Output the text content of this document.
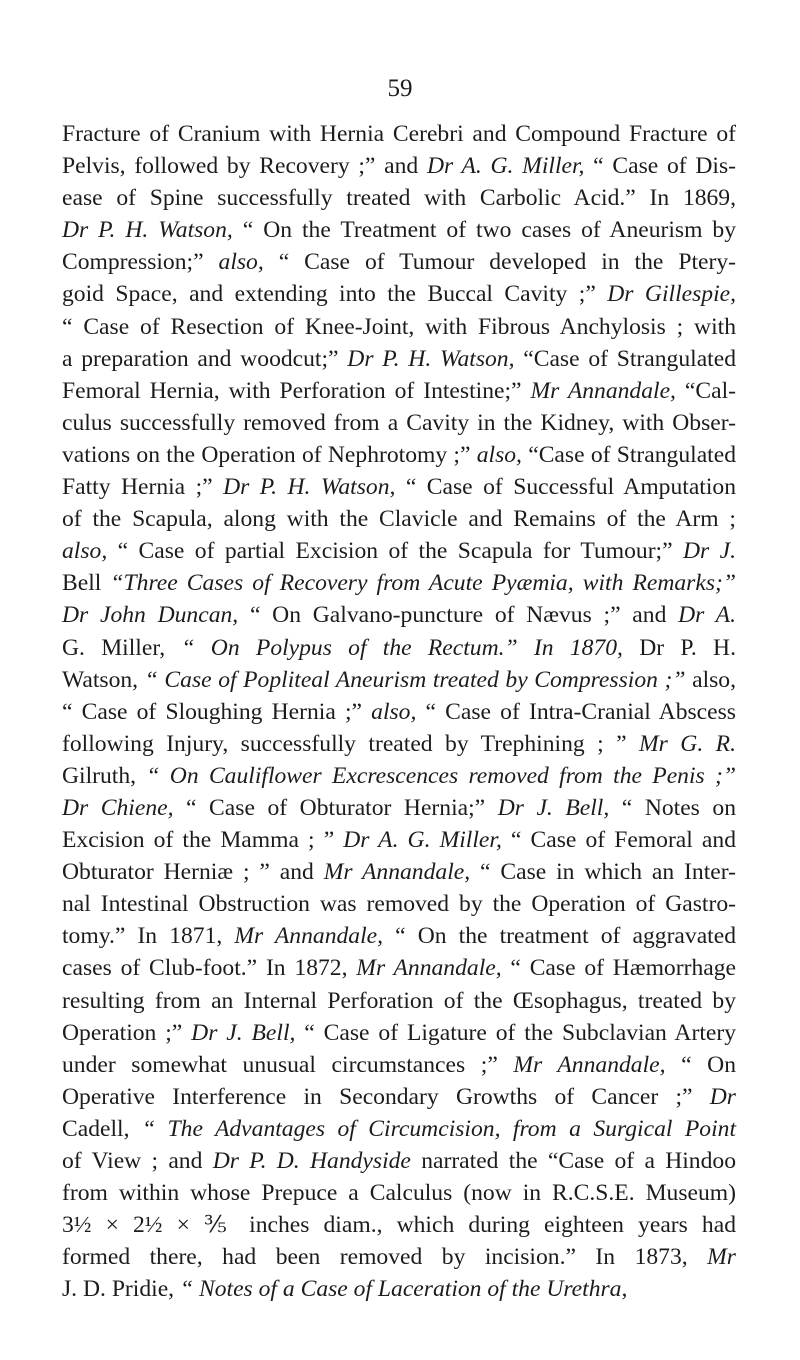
59
Fracture of Cranium with Hernia Cerebri and Compound Fracture of
Pelvis, followed by Recovery ;” and Dr A. G. Miller, “ Case of Dis-
ease of Spine successfully treated with Carbolic Acid.” In 1869,
Dr P. H. Watson, “ On the Treatment of two cases of Aneurism by
Compression;” also, “ Case of Tumour developed in the Ptery-
goid Space, and extending into the Buccal Cavity ;” Dr Gillespie,
“ Case of Resection of Knee-Joint, with Fibrous Anchylosis ; with
a preparation and woodcut;” Dr P. H. Watson, “Case of Strangulated
Femoral Hernia, with Perforation of Intestine;” Mr Annandale, “Cal-
culus successfully removed from a Cavity in the Kidney, with Obser-
vations on the Operation of Nephrotomy ;” also, “Case of Strangulated
Fatty Hernia ;” Dr P. H. Watson, “ Case of Successful Amputation
of the Scapula, along with the Clavicle and Remains of the Arm ;
also, “ Case of partial Excision of the Scapula for Tumour;” Dr J.
Bell “Three Cases of Recovery from Acute Pyæmia, with Remarks;”
Dr John Duncan, “ On Galvano-puncture of Nævus ;” and Dr A.
G. Miller, “ On Polypus of the Rectum.” In 1870, Dr P. H.
Watson, “ Case of Popliteal Aneurism treated by Compression ;” also,
“ Case of Sloughing Hernia ;” also, “ Case of Intra-Cranial Abscess
following Injury, successfully treated by Trephining ; ” Mr G. R.
Gilruth, “ On Cauliflower Excrescences removed from the Penis ;”
Dr Chiene, “ Case of Obturator Hernia;” Dr J. Bell, “ Notes on
Excision of the Mamma ; ” Dr A. G. Miller, “ Case of Femoral and
Obturator Herniæ ; ” and Mr Annandale, “ Case in which an Inter-
nal Intestinal Obstruction was removed by the Operation of Gastro-
tomy.” In 1871, Mr Annandale, “ On the treatment of aggravated
cases of Club-foot.” In 1872, Mr Annandale, “ Case of Hæmorrhage
resulting from an Internal Perforation of the Œsophagus, treated by
Operation ;” Dr J. Bell, “ Case of Ligature of the Subclavian Artery
under somewhat unusual circumstances ;” Mr Annandale, “ On
Operative Interference in Secondary Growths of Cancer ;” Dr
Cadell, “ The Advantages of Circumcision, from a Surgical Point
of View ; and Dr P. D. Handyside narrated the “Case of a Hindoo
from within whose Prepuce a Calculus (now in R.C.S.E. Museum)
3½ × 2½ × ⅗ inches diam., which during eighteen years had
formed there, had been removed by incision.” In 1873, Mr
J. D. Pridie, “ Notes of a Case of Laceration of the Urethra,
